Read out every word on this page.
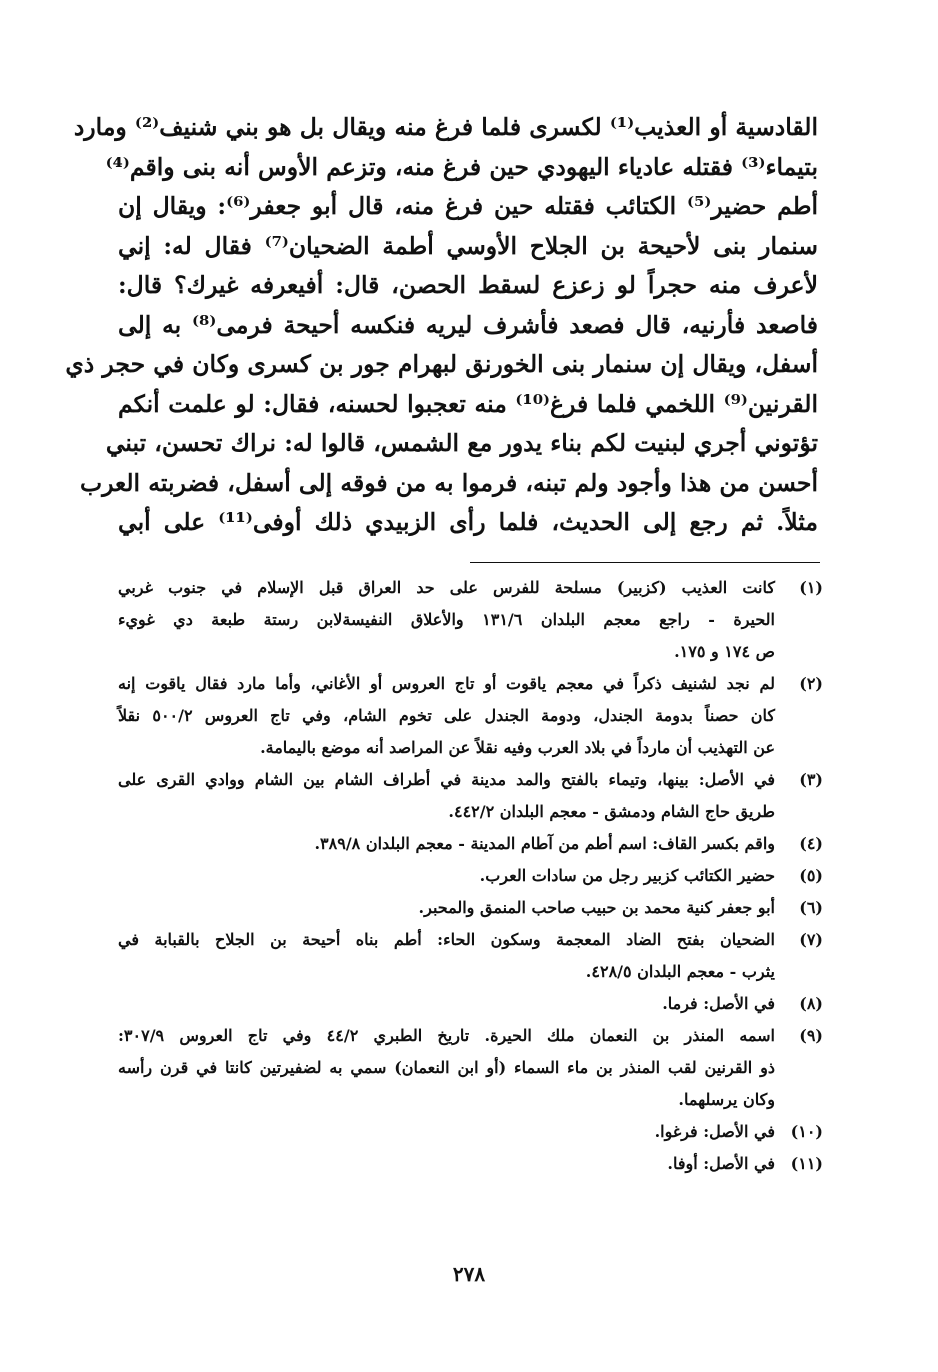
القادسية أو العذيب⁽¹⁾ لكسرى فلما فرغ منه ويقال بل هو بني شنيف⁽²⁾ ومارد
بتيماء⁽³⁾ فقتله عادياء اليهودي حين فرغ منه، وتزعم الأوس أنه بنى واقم⁽⁴⁾
أطم حضير⁽⁵⁾ الكتائب فقتله حين فرغ منه، قال أبو جعفر⁽⁶⁾: ويقال إن
سنمار بنى لأحيحة بن الجلاح الأوسي أطمة الضحيان⁽⁷⁾ فقال له: إني
لأعرف منه حجراً لو زعزع لسقط الحصن، قال: أفيعرفه غيرك؟ قال:
فاصعد فأرنيه، قال فصعد فأشرف ليريه فنكسه أحيحة فرمى⁽⁸⁾ به إلى
أسفل، ويقال إن سنمار بنى الخورنق لبهرام جور بن كسرى وكان في حجر ذي
القرنين⁽⁹⁾ اللخمي فلما فرغ⁽¹⁰⁾ منه تعجبوا لحسنه، فقال: لو علمت أنكم
تؤتوني أجري لبنيت لكم بناء يدور مع الشمس، قالوا له: نراك تحسن، تبني
أحسن من هذا وأجود ولم تبنه، فرموا به من فوقه إلى أسفل، فضربته العرب
مثلاً. ثم رجع إلى الحديث، فلما رأى الزبيدي ذلك أوفى⁽¹¹⁾ على أبي
(١)
كانت العذيب (كزبير) مسلحة للفرس على حد العراق قبل الإسلام في جنوب غربي
الحيرة - راجع معجم البلدان ١٣١/٦ والأعلاق النفيسةلابن رستة طبعة دي غويء
ص ١٧٤ و ١٧٥.
(٢)
لم نجد لشنيف ذكراً في معجم ياقوت أو تاج العروس أو الأغاني، وأما مارد فقال ياقوت إنه
كان حصناً بدومة الجندل، ودومة الجندل على تخوم الشام، وفي تاج العروس ٥٠٠/٢ نقلاً
عن التهذيب أن مارداً في بلاد العرب وفيه نقلاً عن المراصد أنه موضع باليمامة.
(٣)
في الأصل: بينها، وتيماء بالفتح والمد مدينة في أطراف الشام بين الشام ووادي القرى على
طريق حاج الشام ودمشق - معجم البلدان ٤٤٢/٢.
(٤)
واقم بكسر القاف: اسم أطم من آطام المدينة - معجم البلدان ٣٨٩/٨.
(٥)
حضير الكتائب كزبير رجل من سادات العرب.
(٦)
أبو جعفر كنية محمد بن حبيب صاحب المنمق والمحبر.
(٧)
الضحيان بفتح الضاد المعجمة وسكون الحاء: أطم بناه أحيحة بن الجلاح بالقبابة في
يثرب - معجم البلدان ٤٢٨/٥.
(٨)
في الأصل: فرما.
(٩)
اسمه المنذر بن النعمان ملك الحيرة. تاريخ الطبري ٤٤/٢ وفي تاج العروس ٣٠٧/٩:
ذو القرنين لقب المنذر بن ماء السماء (أو ابن النعمان) سمي به لضفيرتين كانتا في قرن رأسه
وكان يرسلهما.
(١٠)
في الأصل: فرغوا.
(١١)
في الأصل: أوفا.
٢٧٨
